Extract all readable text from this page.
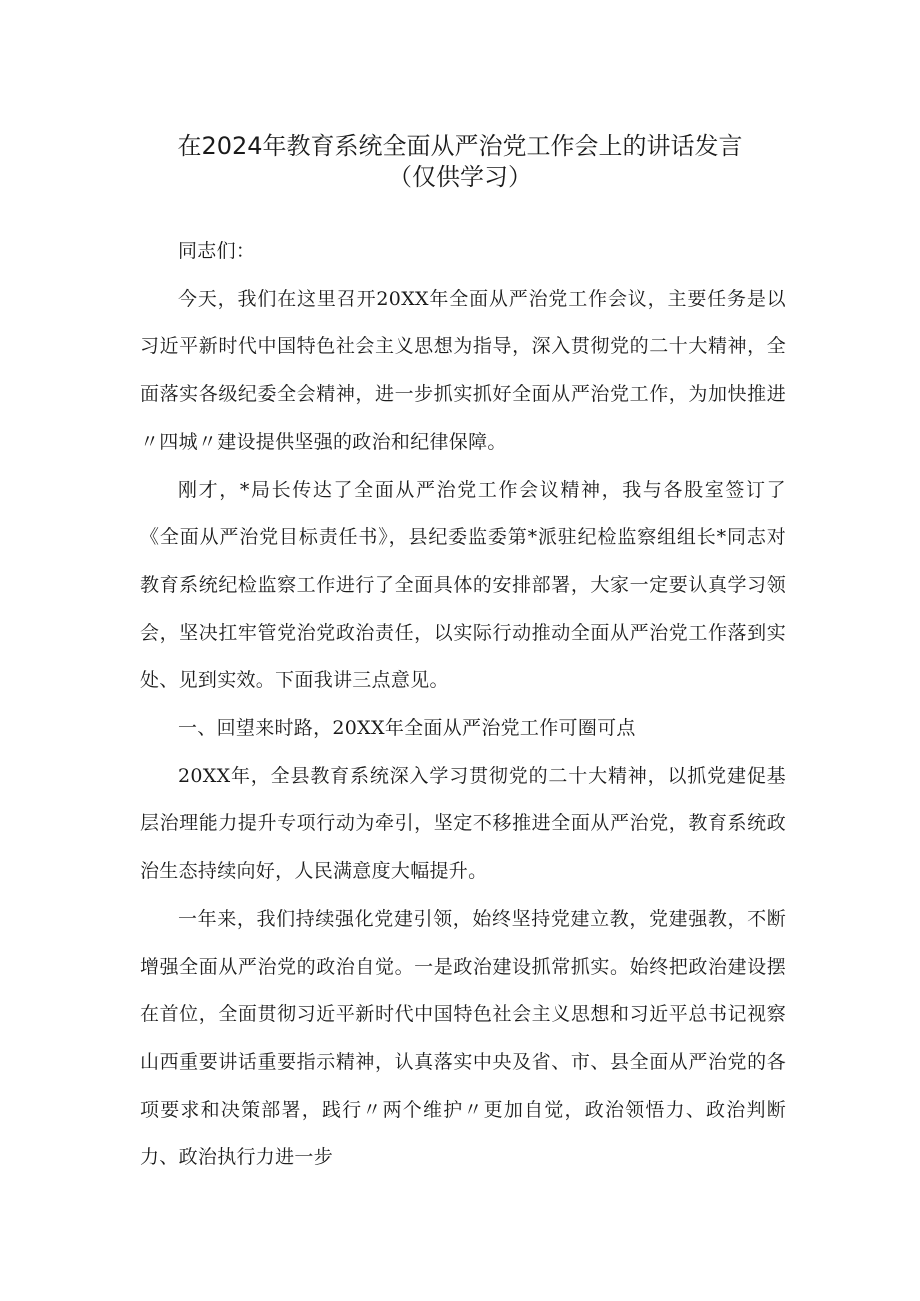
在2024年教育系统全面从严治党工作会上的讲话发言
（仅供学习）

同志们：

今天，我们在这里召开20XX年全面从严治党工作会议，主要任务是以习近平新时代中国特色社会主义思想为指导，深入贯彻党的二十大精神，全面落实各级纪委全会精神，进一步抓实抓好全面从严治党工作，为加快推进〃四城〃建设提供坚强的政治和纪律保障。

刚才，*局长传达了全面从严治党工作会议精神，我与各股室签订了《全面从严治党目标责任书》，县纪委监委第*派驻纪检监察组组长*同志对教育系统纪检监察工作进行了全面具体的安排部署，大家一定要认真学习领会，坚决扛牢管党治党政治责任，以实际行动推动全面从严治党工作落到实处、见到实效。下面我讲三点意见。

一、回望来时路，20XX年全面从严治党工作可圈可点

20XX年，全县教育系统深入学习贯彻党的二十大精神，以抓党建促基层治理能力提升专项行动为牵引，坚定不移推进全面从严治党，教育系统政治生态持续向好，人民满意度大幅提升。

一年来，我们持续强化党建引领，始终坚持党建立教，党建强教，不断增强全面从严治党的政治自觉。一是政治建设抓常抓实。始终把政治建设摆在首位，全面贯彻习近平新时代中国特色社会主义思想和习近平总书记视察山西重要讲话重要指示精神，认真落实中央及省、市、县全面从严治党的各项要求和决策部署，践行〃两个维护〃更加自觉，政治领悟力、政治判断力、政治执行力进一步
